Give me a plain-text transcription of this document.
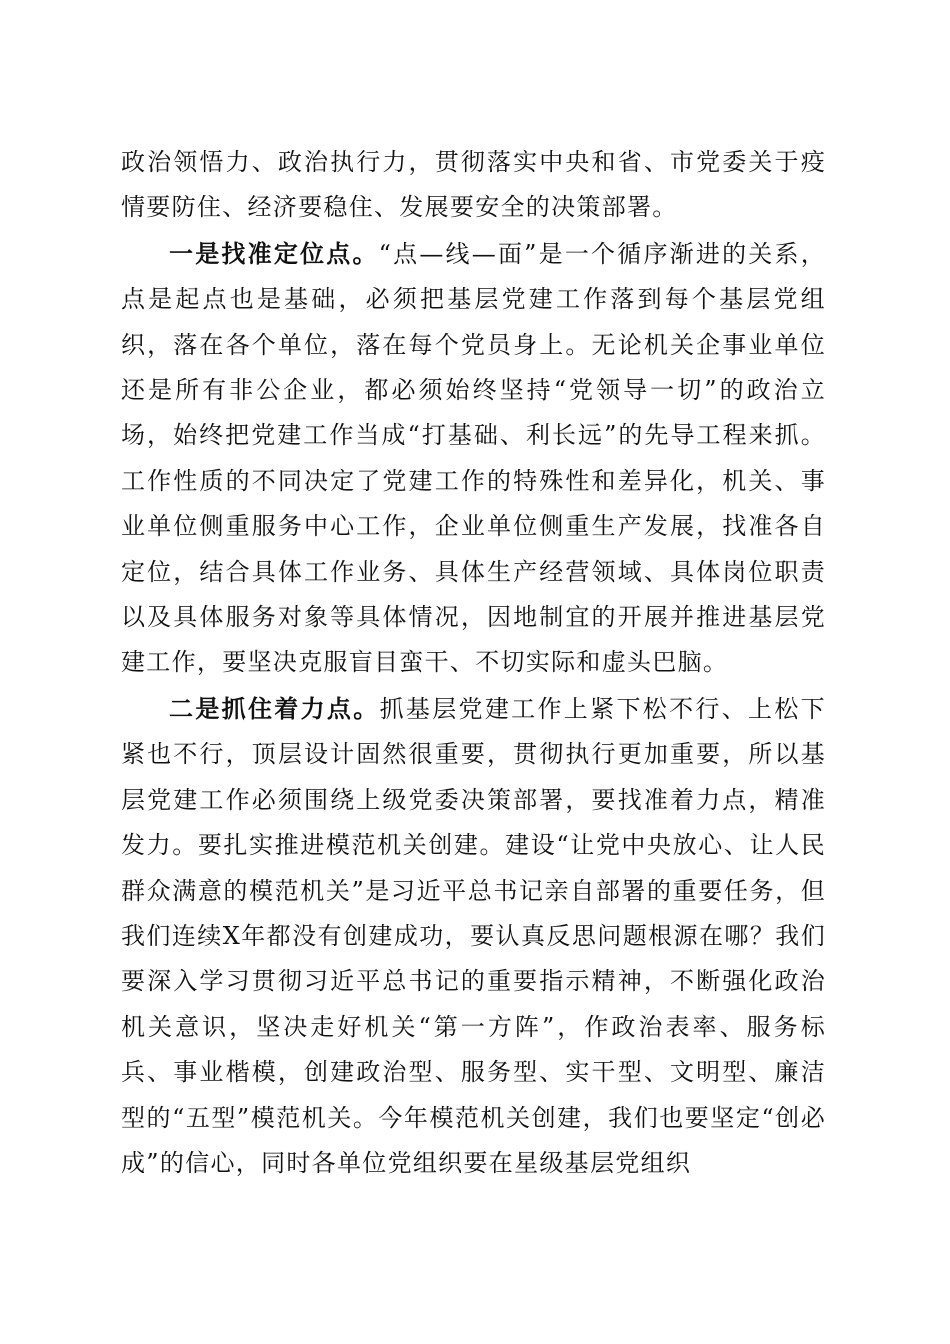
政治领悟力、政治执行力，贯彻落实中央和省、市党委关于疫情要防住、经济要稳住、发展要安全的决策部署。

一是找准定位点。“点—线—面”是一个循序渐进的关系，点是起点也是基础，必须把基层党建工作落到每个基层党组织，落在各个单位，落在每个党员身上。无论机关企事业单位还是所有非公企业，都必须始终坚持“党领导一切”的政治立场，始终把党建工作当成“打基础、利长远”的先导工程来抓。工作性质的不同决定了党建工作的特殊性和差异化，机关、事业单位侧重服务中心工作，企业单位侧重生产发展，找准各自定位，结合具体工作业务、具体生产经营领域、具体岗位职责以及具体服务对象等具体情况，因地制宜的开展并推进基层党建工作，要坚决克服盲目蛮干、不切实际和虚头巴脑。

二是抓住着力点。抓基层党建工作上紧下松不行、上松下紧也不行，顶层设计固然很重要，贯彻执行更加重要，所以基层党建工作必须围绕上级党委决策部署，要找准着力点，精准发力。要扎实推进模范机关创建。建设“让党中央放心、让人民群众满意的模范机关”是习近平总书记亲自部署的重要任务，但我们连续X年都没有创建成功，要认真反思问题根源在哪？我们要深入学习贯彻习近平总书记的重要指示精神，不断强化政治机关意识，坚决走好机关“第一方阵”，作政治表率、服务标兵、事业楷模，创建政治型、服务型、实干型、文明型、廉洁型的“五型”模范机关。今年模范机关创建，我们也要坚定“创必成”的信心，同时各单位党组织要在星级基层党组织
